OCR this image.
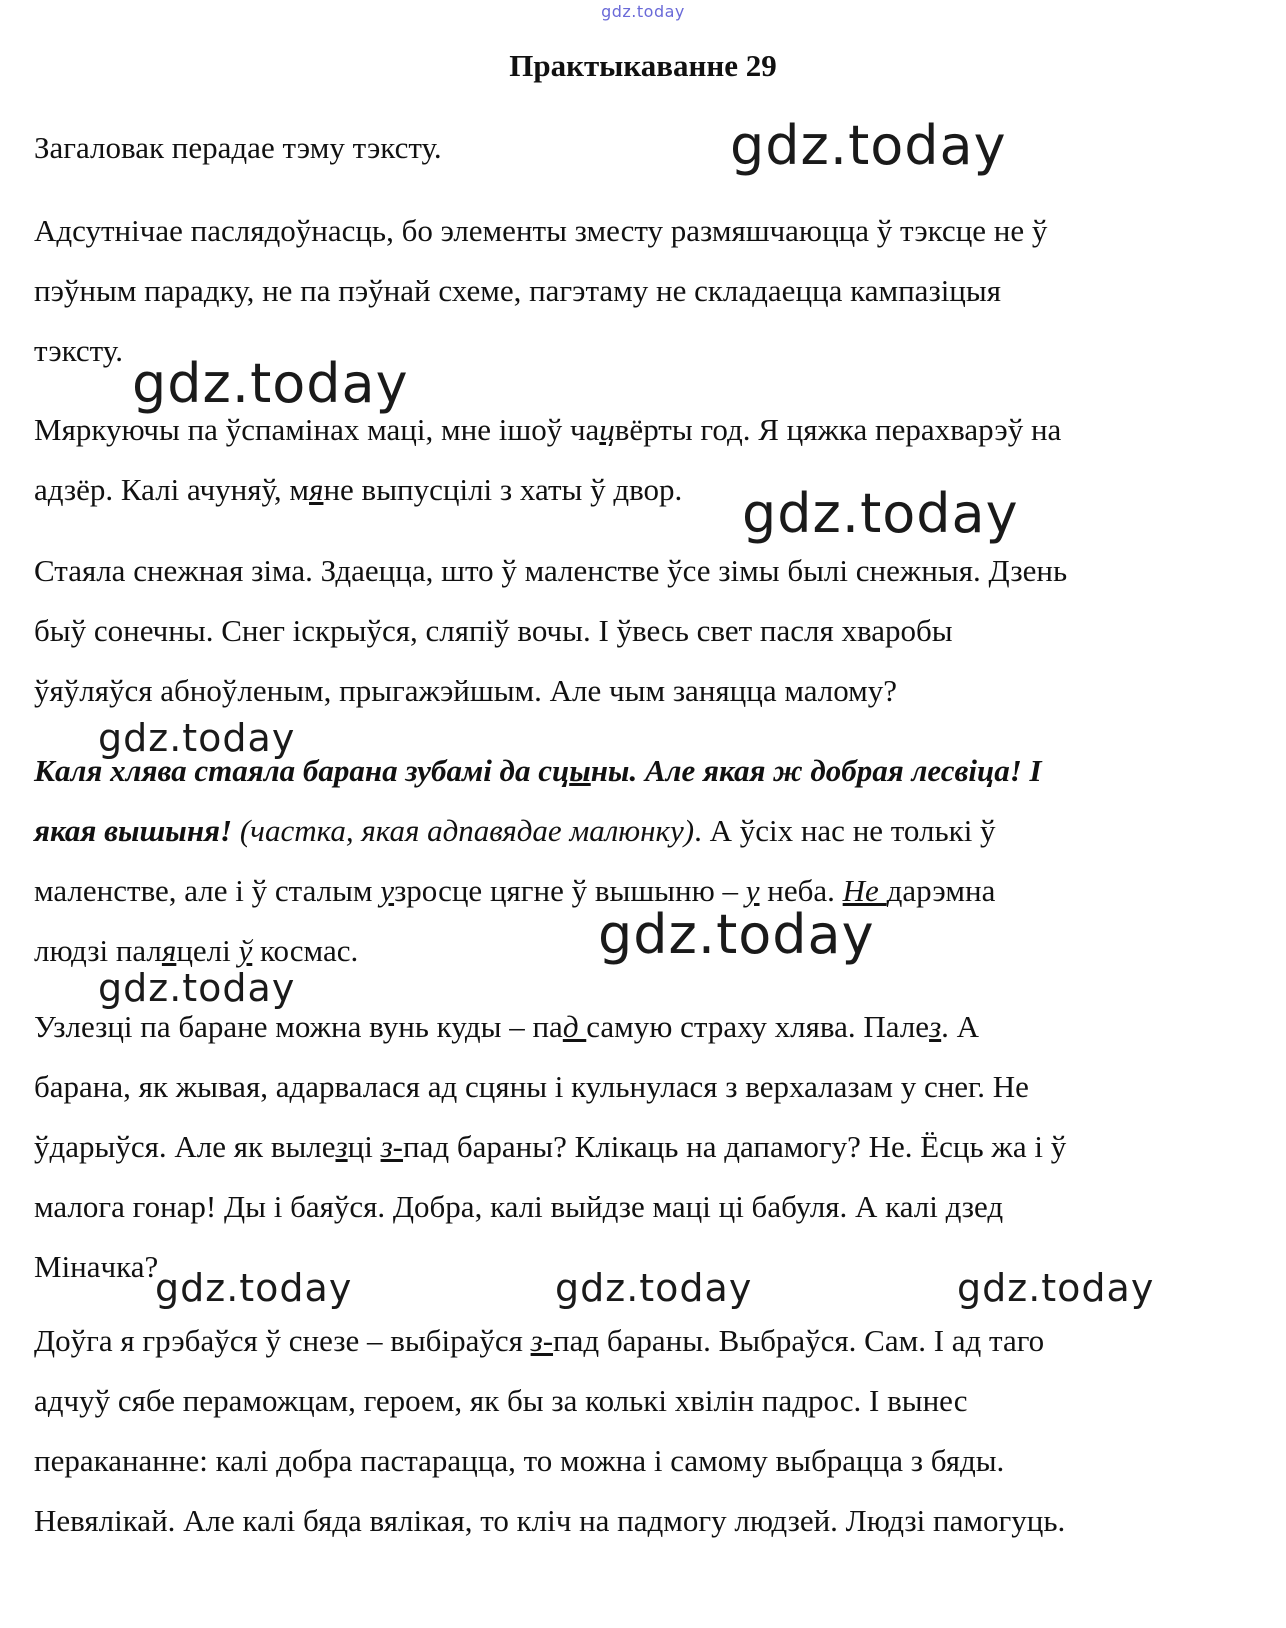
gdz.today
Практыкаванне 29
Загаловак перадае тэму тэксту.
Адсутнічае паслядоўнасць, бо элементы зместу размяшчаюцца ў тэксце не ў
пэўным парадку, не па пэўнай схеме, пагэтаму не складаецца кампазіцыя
тэксту.
Мяркуючы па ўспамінах маці, мне ішоў чацвёрты год. Я цяжка перахварэў на
адзёр. Калі ачуняў, мяне выпусцілі з хаты ў двор.
Стаяла снежная зіма. Здаецца, што ў маленстве ўсе зімы былі снежныя. Дзень
быў сонечны. Снег іскрыўся, сляпіў вочы. І ўвесь свет пасля хваробы
ўяўляўся абноўленым, прыгажэйшым. Але чым заняцца маломy?
Каля хлява стаяла барана зубамі да сцыны. Але якая ж добрая лесвіца! І
якая вышыня! (частка, якая адпавядае малюнку). А ўсіх нас не толькі ў
маленстве, але і ў сталым узросце цягне ў вышыню – у неба. Не дарэмна
людзі паляцелі ў космас.
Узлезці па баране можна вунь куды – пад самую страху хлява. Палез. А
барана, як жывая, адарвалася ад сцяны і кульнулася з верхалазам у снег. Не
ўдарыўся. Але як вылезці з-пад бараны? Клікаць на дапамогу? Не. Ёсць жа і ў
малога гонар! Ды і баяўся. Добра, калі выйдзе маці ці бабуля. А калі дзед
Мінaчка?
Доўга я грэбаўся ў снезе – выбіраўся з-пад бараны. Выбраўся. Сам. І ад таго
адчуў сябе пераможцам, героем, як бы за колькі хвілін падрос. І вынес
перакананне: калі добра пастарацца, то можна і самому выбрацца з бяды.
Невялікай. Але калі бяда вялікая, то кліч на падмогу людзей. Людзі памогуць.
gdz.today
gdz.today
gdz.today
gdz.today
gdz.today
gdz.today
gdz.today	gdz.today	gdz.today
